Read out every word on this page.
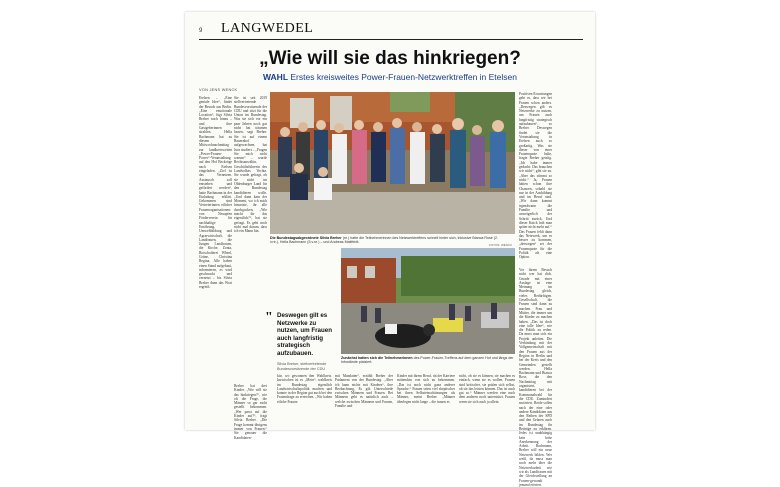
9 LANGWEDEL
„Wie will sie das hinkriegen?
WAHL Erstes kreisweites Power-Frauen-Netzwerktreffen in Etelsen
VON JENS WENCK
Etelsen – „Eine geniale Idee“, findet der Besuch aus Berlin. „Eine emotionale Location“, fügt Silvia Breher noch hinzu – und ihre Gastgeberinnen strahlen. Hella Bachmann hat zu diesem Mittwochnachmittag zur landkreisweiten „Power-Frauen-Power“-Veranstaltung auf den Hof Beckröge nach Etelsen eingeladen. „Ziel ist das Vernetzen. Austausch soll entstehen und gefördert werden“, hatte Bachmann in der Einladung erklärt. Gekommen sind Vertreterinnen etlicher Frauenorganisationen: von Neuapfen Förderverein für nachhaltige Ernährung, Umweltbildung und Agrarwirtschaft, die Landfrauen, die Jungen Landfrauen, die Kirche, Zonta, Botschafterei Wbeel, Grüne, Christina Regina, Alle haben einen Stand aufgebaut, informieren, es wird geschnackt und vernetzt – bis Silvia Breher dann das Wort ergreift.
Sie ist seit 2019 stellvertretende Bundesvorsitzende der CDU und sitzt für die Union im Bundestag. Was sie sich vor ein paar Jahren noch gar nicht hat träumen lassen, sagt Breher. Sie ist auf einem Bauernhof aufgewachsen, hat Jura studiert – „Fragen Sie mich nicht warum“ – wurde Rechtsanwältin, Geschäftsführerin des Landvolkes Vechta. Sie wurde gefragt, ob sie nicht im Oldenburger Land für den Bundestag kandidieren wolle. „Und dann kam der Moment, wo ich mich hinsetzte, ihr alle durchgucken, „Wie macht ihr das eigentlich?“, hat sie gefragt. Es geht noch nicht mal darum, dass ich ein Mann bin.
Breher hat drei Kinder. „Wie will sie das hinkriegen?“, wie oft die Frage, die Männer so gar nicht gestellt bekommen. „Wer passt auf die Kinder auf?“, fragt Silvia Breher. „Die Frage kommt übrigens immer von Frauen.“ Sie genauer die Kandidaten-
Die Bundestagsabgeordnete Silvia Breher (re.) hatte die Teilnehmerinnen des Netzwerktreffens schnell hinter sich, inklusive Bianca Rose (2. v.re.), Hella Bachmann (5.v.re.) – und Andreas Mattfeldt.
FOTOS: WENCK
Positiven Erwartungen geht es, dass wir bei Frauen schon anders. „Deswegen gilt es Netzwerke zu nutzen, um Frauen auch langfristig strategisch aufzubauen“, so Breher. Deswegen findet sie die Veranstaltung in Etelsen auch so großartig. Was sie dieser von einer Frauenquote halte, fragte Breher geistig. „Ich habe immer gedacht: Das brauchen wir nicht“, gibt sie zu. „Aber das stimmt so nicht.“ Ja, Frauen hätten schon ihre Chancen, sobald sie nur in der Ausbildung und im Beruf sind. „Wir dann kommt irgendwann die Familie und unweigerlich der Schritt zurück. Und dieser Knick holt man später nicht mehr auf.“ Das Frauen fehlt dann das Netzwerk, um es besser zu kommen, „deswegen“ sei der Frauenquote für die Politik als eine Option.
Vor ihrem Besuch nicht wer hat dich. Gerade mit einer Auslage ist eine Meinung im Bundestag gleich, vieles Bedürftigen. Gesellschaft, die Frauen sind dann zu machen. Frau und Mütter, die immer um die Kinder zu machen haben. „Das ist doch eine tolle Idee“, wie die Politik zu reden. Da muss man sich ein Projekt anleiten. Die Verbindung mit der Vollgemeinschaft mit den Frauen aus der Region in Berlin und bei der Kreis und den Gemeinden gestellt werden. Hella Bachmann und Bianca Rose, die den Nachmittag mit organisiert, kandidieren bei der Kommunalwahl für die CDU. Zumindest motiviert. Beide sollen nach der eine oder andere Kandidaten aus den Reihen der SPD und den Grünen auch im Bundestag ihr Beiträge zu erklären. Jedes ist unabhängig kein hohe Anerkennung der Arbeit. Bachmann, Breher will ein neue Netzwerk bilden. Wer weiß, da muss man noch mehr über die Netzwerkarbeit wie wir als Landfrauen mit der Gleichstellung an Frauen-gewandt jemand erörtert.
" Deswegen gilt es Netzwerke zu nutzen, um Frauen auch langfristig strategisch aufzubauen.
Silvia Breher, stellvertretende Bundesvorsitzende der CDU
Zunächst hatten sich die Teilnehmerinnen des Power-Frauen-Treffens auf dem ganzen Hof und längs der Infostände platziert.
kür, wo gewonnen den Wahlkreis. Inzwischen ist es „Mein“, wahlkreis im Bundestag eigentlich Landwirtschaftspolitik machen und konnte in der Region gut auch bei den Frauenfrage zu erreichen. „Wir haben etliche Frauen
mit Mandaten“, erzählt Breher der Parlament von der Bundestag. „Aber ich kann nichts mit Kindern“, ihre Beobachtung, Es gilt Unterschiede zwischen Männern und Frauen. Bei Männern geht es natürlich auch – welche zwischen Männern und Frauen, Familie und
Kinder mit ihrem Beruf, rät der Karriere mittendrin von sich zu bekommen. „Das ist noch nicht ganz anderer Sprache.“ Frauen seien viel skeptischer bei ihren Selbsteinschätzungen als Männer, meint Breher. „Männer überlegen nicht lange – die trauen es
nicht, ob sie es können, sie machen es einfach, wenn sie es wollen. Frauen sind kritischer, sie prüfen sich selbst, ob sie das leisten können. Das ist auch gut so.“ Männer werden eine nach dem anderen noch unterstützt. Frauen wenn sie sich auch ja allein.
